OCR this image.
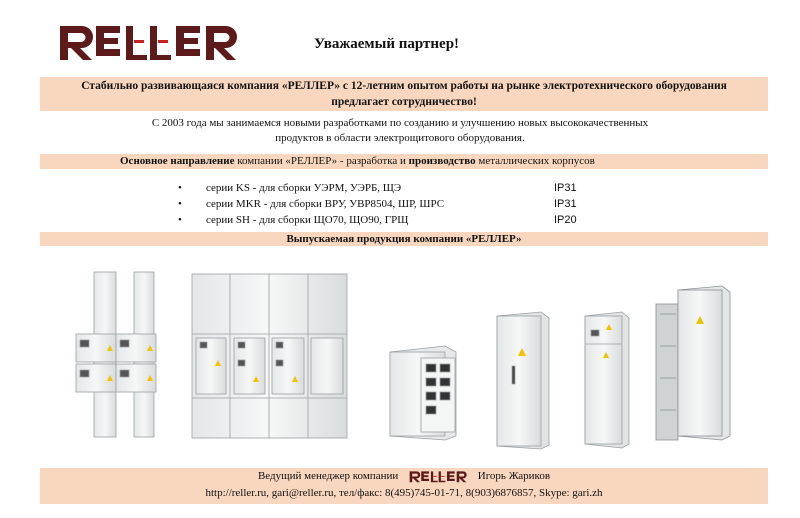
Уважаемый партнер!
Стабильно развивающаяся компания «РЕЛЛЕР» с 12-летним опытом работы на рынке электротехнического оборудования
предлагает сотрудничество!
С 2003 года мы занимаемся новыми разработками по созданию и улучшению новых высококачественных
продуктов в области электрощитового оборудования.
Основное направление компании «РЕЛЛЕР» - разработка и производство металлических корпусов
• серии KS - для сборки УЭРМ, УЭРБ, ЩЭ	IP31
• серии MKR - для сборки ВРУ, УВР8504, ШР, ШРС	IP31
• серии SH - для сборки ЩО70, ЩО90, ГРЩ	IP20
Выпускаемая продукция компании «РЕЛЛЕР»
Ведущий менеджер компании	Игорь Жариков
http://reller.ru, gari@reller.ru, тел/факс: 8(495)745-01-71, 8(903)6876857, Skype: gari.zh
